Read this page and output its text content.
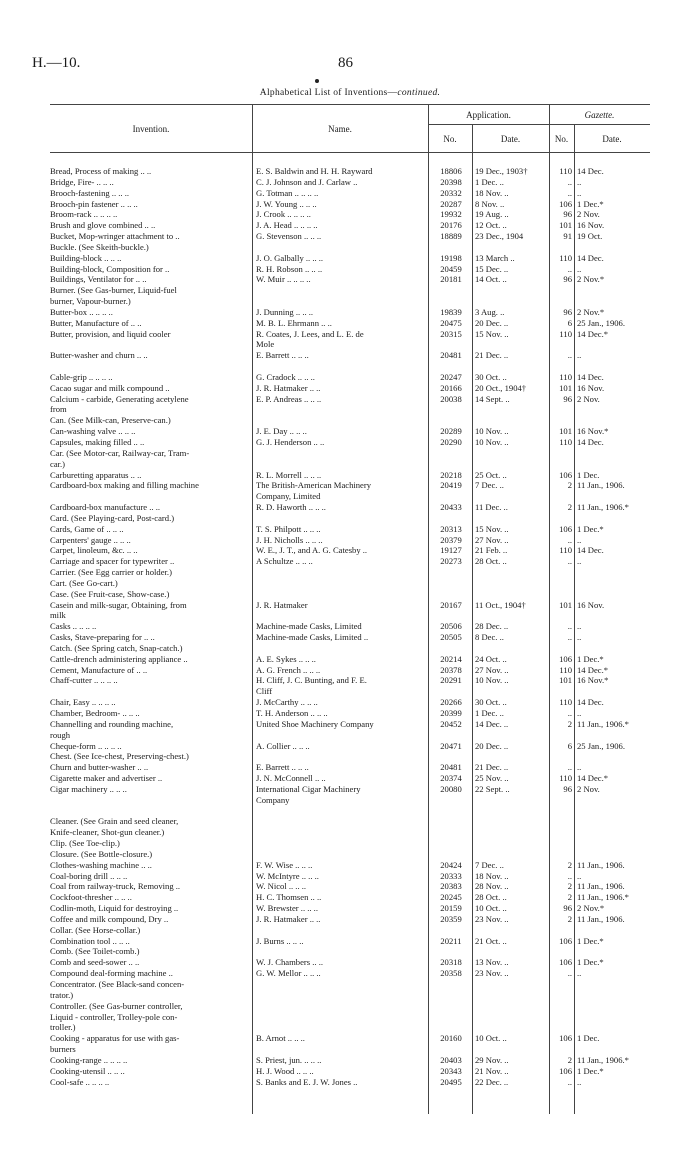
H.—10.	86
Alphabetical List of Inventions—continued.
Invention.	Name.
Application.	Gazette.
No.	Date.	No.	Date.
Bread, Process of making .. ..	E. S. Baldwin and H. H. Rayward	18806	19 Dec., 1903†	110 14 Dec.
Bridge, Fire- .. .. ..	C. J. Johnson and J. Carlaw ..	20398	1 Dec. ..	.. ..
Brooch-fastening .. .. ..	G. Totman .. .. .. ..	20332	18 Nov. ..	.. ..
Brooch-pin fastener .. .. ..	J. W. Young .. .. ..	20287	8 Nov. ..	106 1 Dec.*
Broom-rack .. .. .. ..	J. Crook .. .. .. ..	19932	19 Aug. ..	96 2 Nov.
Brush and glove combined .. ..	J. A. Head .. .. .. ..	20176	12 Oct. ..	101 16 Nov.
Bucket, Mop-wringer attachment to ..	G. Stevenson .. .. ..	18889	23 Dec., 1904	91 19 Oct.
Buckle. (See Skeith-buckle.)
Building-block .. .. ..	J. O. Galbally .. .. ..	19198	13 March ..	110 14 Dec.
Building-block, Composition for ..	R. H. Robson .. .. ..	20459	15 Dec. ..	.. ..
Buildings, Ventilator for .. ..	W. Muir .. .. .. ..	20181	14 Oct. ..	96 2 Nov.*
Burner. (See Gas-burner, Liquid-fuel
burner, Vapour-burner.)
Butter-box .. .. .. ..	J. Dunning .. .. ..	19839	3 Aug. ..	96 2 Nov.*
Butter, Manufacture of .. ..	M. B. L. Ehrmann .. ..	20475	20 Dec. ..	6 25 Jan., 1906.
Butter, provision, and liquid cooler	R. Coates, J. Lees, and L. E. de	20315	15 Nov. ..	110 14 Dec.*
Mole
Butter-washer and churn .. ..	E. Barrett .. .. ..	20481	21 Dec. ..	.. ..
Cable-grip .. .. .. ..	G. Cradock .. .. ..	20247	30 Oct. ..	110 14 Dec.
Cacao sugar and milk compound ..	J. R. Hatmaker .. ..	20166	20 Oct., 1904†	101 16 Nov.
Calcium - carbide, Generating acetylene	E. P. Andreas .. .. ..	20038	14 Sept. ..	96 2 Nov.
from
Can. (See Milk-can, Preserve-can.)
Can-washing valve .. .. ..	J. E. Day .. .. ..	20289	10 Nov. ..	101 16 Nov.*
Capsules, making filled .. ..	G. J. Henderson .. ..	20290	10 Nov. ..	110 14 Dec.
Car. (See Motor-car, Railway-car, Tram-
car.)
Carburetting apparatus .. ..	R. L. Morrell .. .. ..	20218	25 Oct. ..	106 1 Dec.
Cardboard-box making and filling machine	The British-American Machinery	20419	7 Dec. ..	2 11 Jan., 1906.
Company, Limited
Cardboard-box manufacture .. ..	R. D. Haworth .. .. ..	20433	11 Dec. ..	2 11 Jan., 1906.*
Card. (See Playing-card, Post-card.)
Cards, Game of .. .. ..	T. S. Philpott .. .. ..	20313	15 Nov. ..	106 1 Dec.*
Carpenters' gauge .. .. ..	J. H. Nicholls .. .. ..	20379	27 Nov. ..	.. ..
Carpet, linoleum, &c. .. ..	W. E., J. T., and A. G. Catesby ..	19127	21 Feb. ..	110 14 Dec.
Carriage and spacer for typewriter ..	A Schultze .. .. ..	20273	28 Oct. ..	.. ..
Carrier. (See Egg carrier or holder.)
Cart. (See Go-cart.)
Case. (See Fruit-case, Show-case.)
Casein and milk-sugar, Obtaining, from	J. R. Hatmaker	20167	11 Oct., 1904†	101 16 Nov.
milk
Casks .. .. .. ..	Machine-made Casks, Limited	20506	28 Dec. ..	.. ..
Casks, Stave-preparing for .. ..	Machine-made Casks, Limited ..	20505	8 Dec. ..	.. ..
Catch. (See Spring catch, Snap-catch.)
Cattle-drench administering appliance ..	A. E. Sykes .. .. ..	20214	24 Oct. ..	106 1 Dec.*
Cement, Manufacture of .. ..	A. G. French .. .. ..	20378	27 Nov. ..	110 14 Dec.*
Chaff-cutter .. .. .. ..	H. Cliff, J. C. Bunting, and F. E.	20291	10 Nov. ..	101 16 Nov.*
Cliff
Chair, Easy .. .. .. ..	J. McCarthy .. .. ..	20266	30 Oct. ..	110 14 Dec.
Chamber, Bedroom- .. .. ..	T. H. Anderson .. .. ..	20399	1 Dec. ..	.. ..
Channelling and rounding machine,	United Shoe Machinery Company	20452	14 Dec. ..	2 11 Jan., 1906.*
rough
Cheque-form .. .. .. ..	A. Collier .. .. ..	20471	20 Dec. ..	6 25 Jan., 1906.
Chest. (See Ice-chest, Preserving-chest.)
Churn and butter-washer .. ..	E. Barrett .. .. ..	20481	21 Dec. ..	.. ..
Cigarette maker and advertiser ..	J. N. McConnell .. ..	20374	25 Nov. ..	110 14 Dec.*
Cigar machinery .. .. ..	International Cigar Machinery	20080	22 Sept. ..	96 2 Nov.
Company
Cleaner. (See Grain and seed cleaner,
Knife-cleaner, Shot-gun cleaner.)
Clip. (See Toe-clip.)
Closure. (See Bottle-closure.)
Clothes-washing machine .. ..	F. W. Wise .. .. ..	20424	7 Dec. ..	2 11 Jan., 1906.
Coal-boring drill .. .. ..	W. McIntyre .. .. ..	20333	18 Nov. ..	.. ..
Coal from railway-truck, Removing ..	W. Nicol .. .. ..	20383	28 Nov. ..	2 11 Jan., 1906.
Cockfoot-thresher .. .. ..	H. C. Thomsen .. ..	20245	28 Oct. ..	2 11 Jan., 1906.*
Codlin-moth, Liquid for destroying ..	W. Brewster .. .. ..	20159	10 Oct. ..	96 2 Nov.*
Coffee and milk compound, Dry ..	J. R. Hatmaker .. ..	20359	23 Nov. ..	2 11 Jan., 1906.
Collar. (See Horse-collar.)
Combination tool .. .. ..	J. Burns .. .. ..	20211	21 Oct. ..	106 1 Dec.*
Comb. (See Toilet-comb.)
Comb and seed-sower .. ..	W. J. Chambers .. ..	20318	13 Nov. ..	106 1 Dec.*
Compound deal-forming machine ..	G. W. Mellor .. .. ..	20358	23 Nov. ..	.. ..
Concentrator. (See Black-sand concen-
trator.)
Controller. (See Gas-burner controller,
Liquid - controller, Trolley-pole con-
troller.)
Cooking - apparatus for use with gas-	B. Arnot .. .. ..	20160	10 Oct. ..	106 1 Dec.
burners
Cooking-range .. .. .. ..	S. Priest, jun. .. .. ..	20403	29 Nov. ..	2 11 Jan., 1906.*
Cooking-utensil .. .. ..	H. J. Wood .. .. ..	20343	21 Nov. ..	106 1 Dec.*
Cool-safe .. .. .. ..	S. Banks and E. J. W. Jones ..	20495	22 Dec. ..	.. ..
